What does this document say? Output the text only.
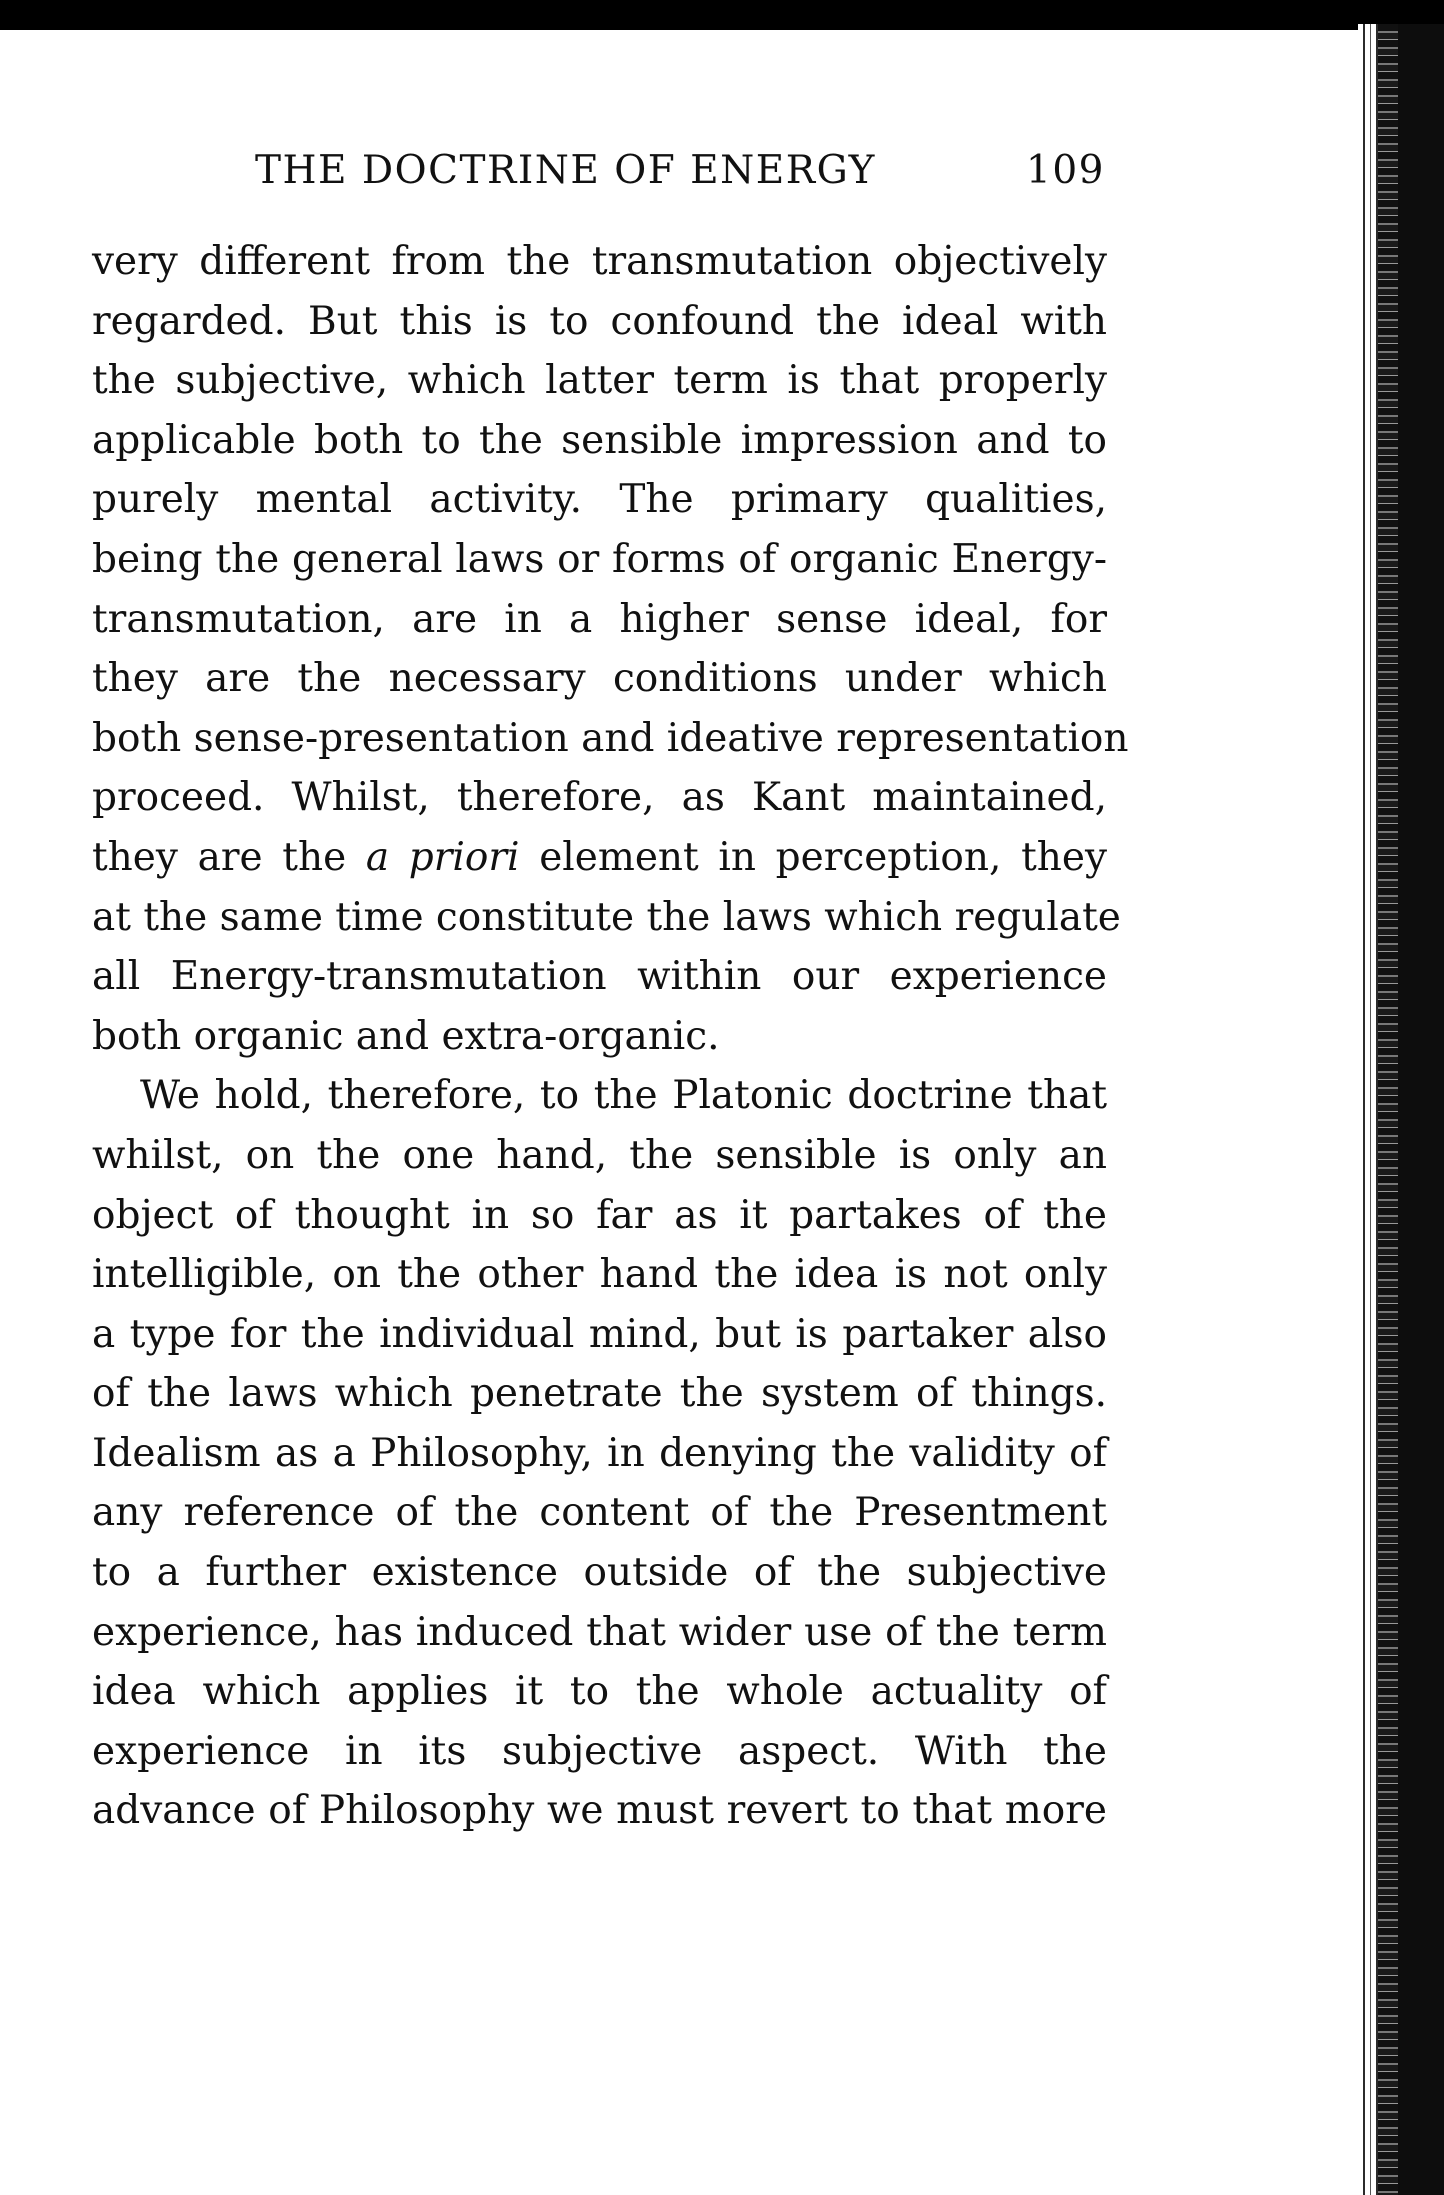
THE DOCTRINE OF ENERGY	109
very different from the transmutation objectively
regarded. But this is to confound the ideal with
the subjective, which latter term is that properly
applicable both to the sensible impression and to
purely mental activity. The primary qualities,
being the general laws or forms of organic Energy-
transmutation, are in a higher sense ideal, for
they are the necessary conditions under which
both sense-presentation and ideative representation
proceed. Whilst, therefore, as Kant maintained,
they are the a priori element in perception, they
at the same time constitute the laws which regulate
all Energy-transmutation within our experience
both organic and extra-organic.
We hold, therefore, to the Platonic doctrine that
whilst, on the one hand, the sensible is only an
object of thought in so far as it partakes of the
intelligible, on the other hand the idea is not only
a type for the individual mind, but is partaker also
of the laws which penetrate the system of things.
Idealism as a Philosophy, in denying the validity of
any reference of the content of the Presentment
to a further existence outside of the subjective
experience, has induced that wider use of the term
idea which applies it to the whole actuality of
experience in its subjective aspect. With the
advance of Philosophy we must revert to that more
